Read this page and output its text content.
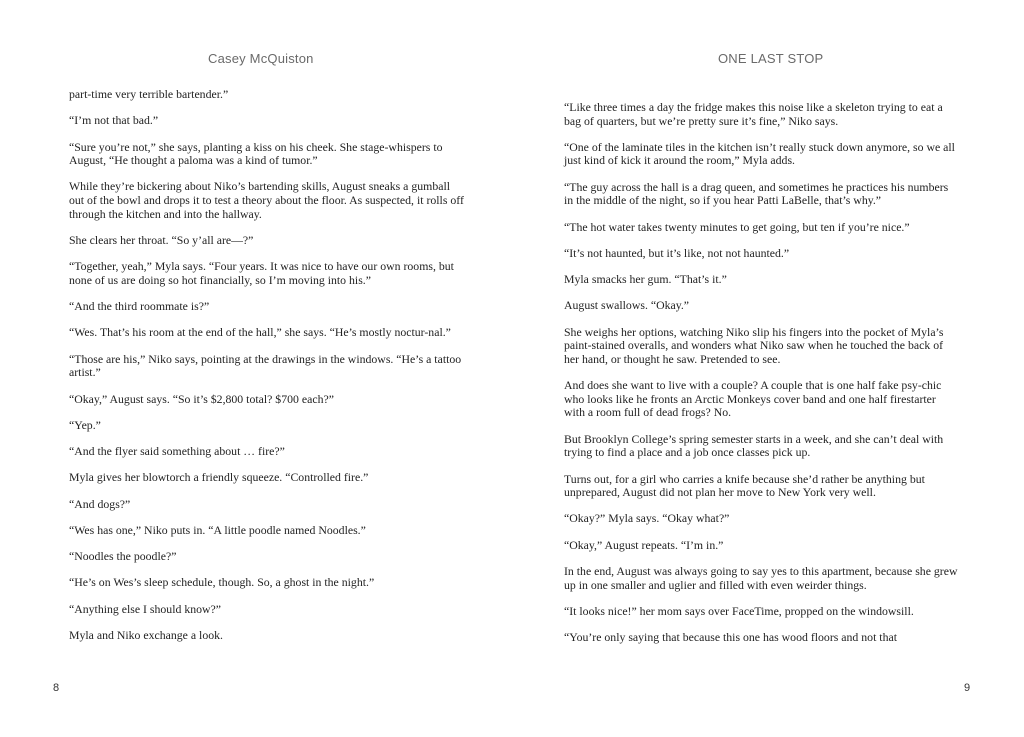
Casey McQuiston

part-time very terrible bartender.”

“I’m not that bad.”

“Sure you’re not,” she says, planting a kiss on his cheek. She stage-whispers to August, “He thought a paloma was a kind of tumor.”

While they’re bickering about Niko’s bartending skills, August sneaks a gumball out of the bowl and drops it to test a theory about the floor. As suspected, it rolls off through the kitchen and into the hallway.

She clears her throat. “So y’all are—?”

“Together, yeah,” Myla says. “Four years. It was nice to have our own rooms, but none of us are doing so hot financially, so I’m moving into his.”

“And the third roommate is?”

“Wes. That’s his room at the end of the hall,” she says. “He’s mostly noctur-nal.”

“Those are his,” Niko says, pointing at the drawings in the windows. “He’s a tattoo artist.”

“Okay,” August says. “So it’s $2,800 total? $700 each?”

“Yep.”

“And the flyer said something about … fire?”

Myla gives her blowtorch a friendly squeeze. “Controlled fire.”

“And dogs?”

“Wes has one,” Niko puts in. “A little poodle named Noodles.”

“Noodles the poodle?”

“He’s on Wes’s sleep schedule, though. So, a ghost in the night.”

“Anything else I should know?”

Myla and Niko exchange a look.

8
ONE LAST STOP

“Like three times a day the fridge makes this noise like a skeleton trying to eat a bag of quarters, but we’re pretty sure it’s fine,” Niko says.

“One of the laminate tiles in the kitchen isn’t really stuck down anymore, so we all just kind of kick it around the room,” Myla adds.

“The guy across the hall is a drag queen, and sometimes he practices his numbers in the middle of the night, so if you hear Patti LaBelle, that’s why.”

“The hot water takes twenty minutes to get going, but ten if you’re nice.”

“It’s not haunted, but it’s like, not not haunted.”

Myla smacks her gum. “That’s it.”

August swallows. “Okay.”

She weighs her options, watching Niko slip his fingers into the pocket of Myla’s paint-stained overalls, and wonders what Niko saw when he touched the back of her hand, or thought he saw. Pretended to see.

And does she want to live with a couple? A couple that is one half fake psy-chic who looks like he fronts an Arctic Monkeys cover band and one half firestarter with a room full of dead frogs? No.

But Brooklyn College’s spring semester starts in a week, and she can’t deal with trying to find a place and a job once classes pick up.

Turns out, for a girl who carries a knife because she’d rather be anything but unprepared, August did not plan her move to New York very well.

“Okay?” Myla says. “Okay what?”

“Okay,” August repeats. “I’m in.”

In the end, August was always going to say yes to this apartment, because she grew up in one smaller and uglier and filled with even weirder things.

“It looks nice!” her mom says over FaceTime, propped on the windowsill.

“You’re only saying that because this one has wood floors and not that

9
